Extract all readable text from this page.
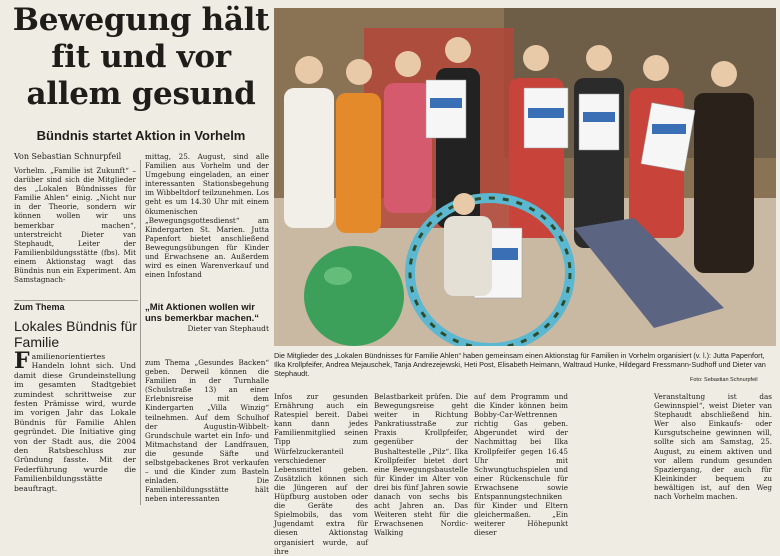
Bewegung hält fit und vor allem gesund
Bündnis startet Aktion in Vorhelm
Von Sebastian Schnurpfeil

Vorhelm. „Familie ist Zukunft“ – darüber sind sich die Mitglieder des „Lokalen Bündnisses für Familie Ahlen“ einig. „Nicht nur in der Theorie, sondern wir können wollen wir uns bemerkbar machen“, unterstreicht Dieter van Stephaudt, Leiter der Familienbildungsstätte (fbs). Mit einem Aktionstag wagt das Bündnis nun ein Experiment. Am Samstagnach-

mittag, 25. August, sind alle Familien aus Vorhelm und der Umgebung eingeladen, an einer interessanten Stationsbegehung im Wibbeltdorf teilzunehmen. Los geht es um 14.30 Uhr mit einem ökumenischen „Bewegungsgottesdienst“ am Kindergarten St. Marien. Jutta Papenfort bietet anschließend Bewegungsübungen für Kinder und Erwachsene an. Außerdem wird es einen Warenverkauf und einen Infostand

„Mit Aktionen wollen wir uns bemerkbar machen.“
Dieter van Stephaudt
Zum Thema
Lokales Bündnis für Familie
Familienorientiertes Handeln lohnt sich. Und damit diese Grundeinstellung im gesamten Stadtgebiet zumindest schrittweise zur festen Prämisse wird, wurde im vorigen Jahr das Lokale Bündnis für Familie Ahlen gegründet. Die Initiative ging von der Stadt aus, die 2004 den Ratsbeschluss zur Gründung fasste. Mit der Federführung wurde die Familienbildungsstätte beauftragt.

zum Thema „Gesundes Backen“ geben. Derweil können die Familien in der Turnhalle (Schulstraße 13) an einer Erlebnisreise mit dem Kindergarten „Villa Winzig“ teilnehmen. Auf dem Schulhof der Augustin-Wibbelt-Grundschule wartet ein Info- und Mitmachstand der Landfrauen, die gesunde Säfte und selbstgebackenes Brot verkaufen – und die Kinder zum Basteln einladen. Die Familienbildungsstätte hält neben interessanten

Infos zur gesunden Ernährung auch ein Ratespiel bereit. Dabei kann dann jedes Familienmitglied seinen Tipp zum Würfelzuckeranteil verschiedener Lebensmittel geben. Zusätzlich können sich die Jüngeren auf der Hüpfburg austoben oder die Geräte des Spielmobils, das vom Jugendamt extra für diesen Aktionstag organisiert wurde, auf ihre

Belastbarkeit prüfen. Die Bewegungsreise geht weiter in Richtung Pankratiusstraße zur Praxis Krollpfeifer, gegenüber der Bushaltestelle „Pilz“. Ilka Krollpfeifer bietet dort eine Bewegungsbaustelle für Kinder im Alter von drei bis fünf Jahren sowie danach von sechs bis acht Jahren an. Das Weiteren steht für die Erwachsenen Nordic-Walking

auf dem Programm und die Kinder können beim Bobby-Car-Wettrennen richtig Gas geben. Abgerundet wird der Nachmittag bei Ilka Krollpfeifer gegen 16.45 Uhr mit Schwungtuchspielen und einer Rückenschule für Erwachsene sowie Entspannungstechniken für Kinder und Eltern gleichermaßen. „Ein weiterer Höhepunkt dieser

Veranstaltung ist das Gewinnspiel“, weist Dieter van Stephaudt abschließend hin. Wer also Einkaufs- oder Kursgutscheine gewinnen will, sollte sich am Samstag, 25. August, zu einem aktiven und vor allem rundum gesunden Spaziergang, der auch für Kleinkinder bequem zu bewältigen ist, auf den Weg nach Vorhelm machen.

Die Mitglieder des „Lokalen Bündnisses für Familie Ahlen“ haben gemeinsam einen Aktionstag für Familien in Vorhelm organisiert (v. l.): Jutta Papenfort, Ilka Krollpfeifer, Andrea Mejauschek, Tanja Andrezejewski, Heti Post, Elisabeth Heimann, Waltraud Hunke, Hildegard Fressmann-Sudhoff und Dieter van Stephaudt.
Foto: Sebastian Schnurpfeil
